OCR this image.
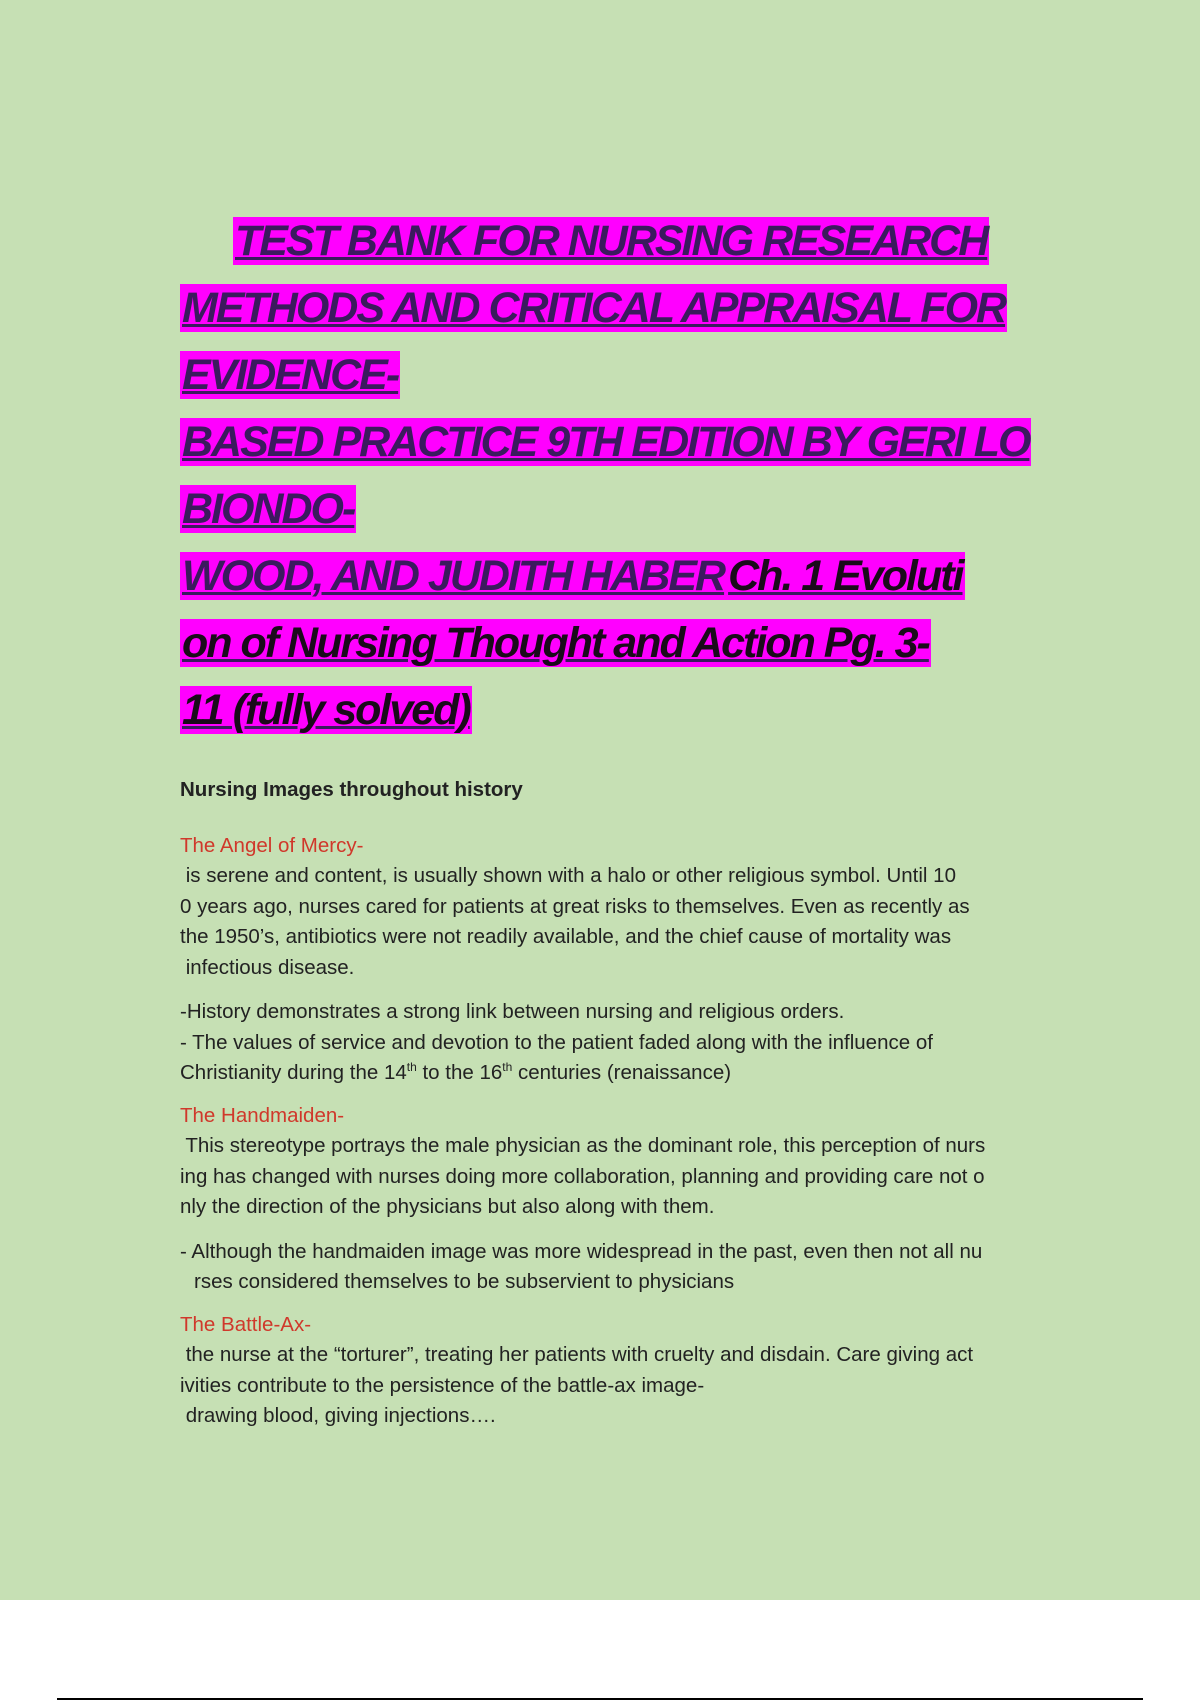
TEST BANK FOR NURSING RESEARCH
METHODS AND CRITICAL APPRAISAL FOR
EVIDENCE-
BASED PRACTICE 9TH EDITION BY GERI LO
BIONDO-
WOOD, AND JUDITH HABERCh. 1 Evoluti
on of Nursing Thought and Action Pg. 3-
11 (fully solved)

Nursing Images throughout history

The Angel of Mercy-

is serene and content, is usually shown with a halo or other religious symbol. Until 10

0 years ago, nurses cared for patients at great risks to themselves. Even as recently as

the 1950’s, antibiotics were not readily available, and the chief cause of mortality was

infectious disease.

-History demonstrates a strong link between nursing and religious orders.

- The values of service and devotion to the patient faded along with the influence of

Christianity during the 14th to the 16th centuries (renaissance)

The Handmaiden-

This stereotype portrays the male physician as the dominant role, this perception of nurs

ing has changed with nurses doing more collaboration, planning and providing care not o

nly the direction of the physicians but also along with them.

- Although the handmaiden image was more widespread in the past, even then not all nu

rses considered themselves to be subservient to physicians

The Battle-Ax-

the nurse at the “torturer”, treating her patients with cruelty and disdain. Care giving act

ivities contribute to the persistence of the battle-ax image-

drawing blood, giving injections….
